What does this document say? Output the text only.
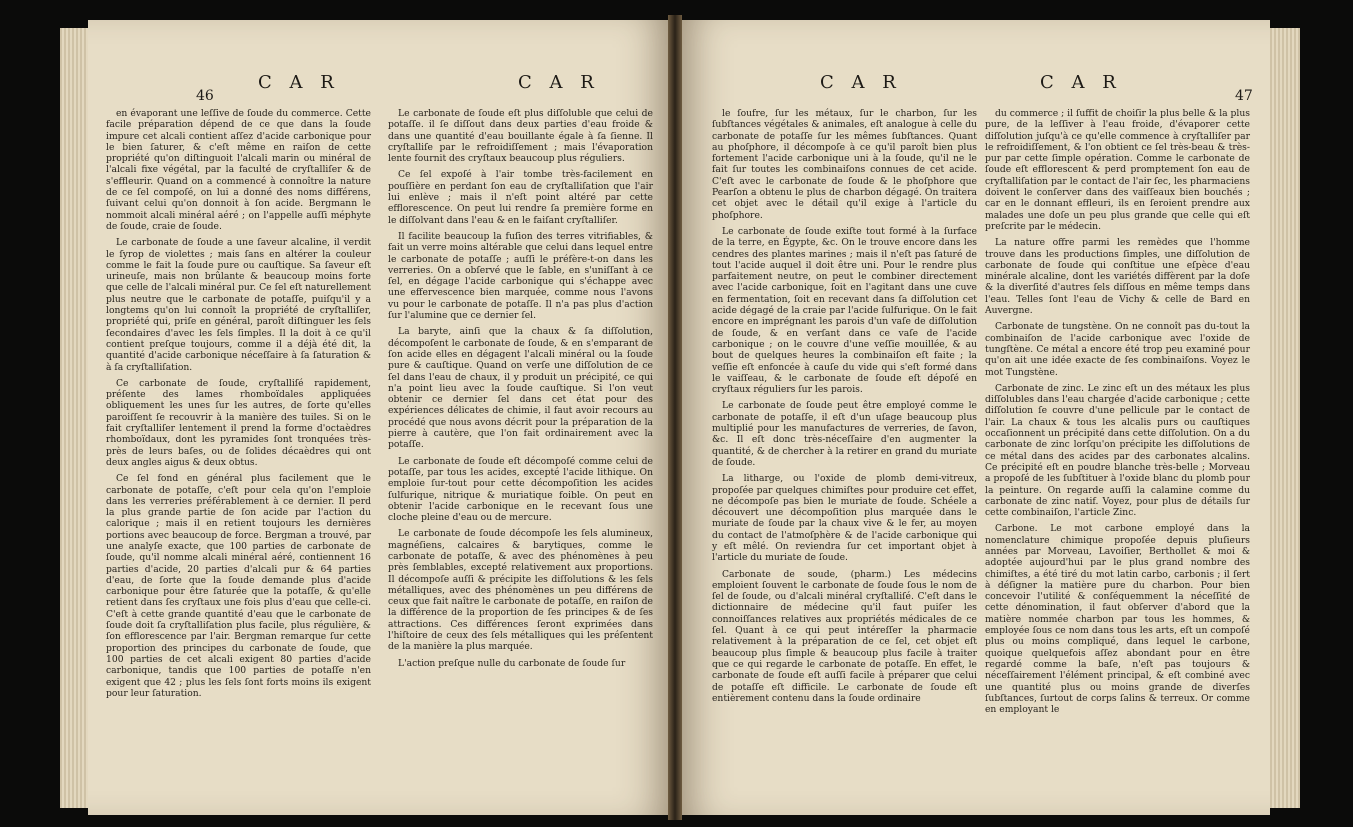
46
C A R	C A R

en évaporant une leſſive de ſoude du commerce. Cette facile préparation dépend de ce que dans la ſoude impure cet alcali contient aſſez d'acide carbonique pour le bien ſaturer, & c'eſt même en raiſon de cette propriété qu'on diſtinguoit l'alcali marin ou minéral de l'alcali fixe végétal, par la faculté de cryſtalliſer & de s'effleurir. Quand on a commencé à connoître la nature de ce ſel compoſé, on lui a donné des noms différens, ſuivant celui qu'on donnoit à ſon acide. Bergmann le nommoit alcali minéral aéré ; on l'appelle auſſi méphyte de ſoude, craie de ſoude.

Le carbonate de ſoude a une ſaveur alcaline, il verdit le ſyrop de violettes ; mais ſans en altérer la couleur comme le fait la ſoude pure ou cauſtique. Sa ſaveur eſt urineuſe, mais non brûlante & beaucoup moins forte que celle de l'alcali minéral pur. Ce ſel eſt naturellement plus neutre que le carbonate de potaſſe, puiſqu'il y a longtems qu'on lui connoît la propriété de cryſtalliſer, propriété qui, priſe en général, paroît diſtinguer les ſels ſecondaires d'avec les ſels ſimples. Il la doit à ce qu'il contient preſque toujours, comme il a déjà été dit, la quantité d'acide carbonique néceſſaire à ſa ſaturation & à ſa cryſtalliſation.

Ce carbonate de ſoude, cryſtalliſé rapidement, préſente des lames rhomboïdales appliquées obliquement les unes ſur les autres, de ſorte qu'elles paroiſſent ſe recouvrir à la manière des tuiles. Si on le fait cryſtalliſer lentement il prend la forme d'octaèdres rhomboïdaux, dont les pyramides ſont tronquées très-près de leurs baſes, ou de ſolides décaèdres qui ont deux angles aigus & deux obtus.

Ce ſel fond en général plus facilement que le carbonate de potaſſe, c'eſt pour cela qu'on l'emploie dans les verreries préférablement à ce dernier. Il perd la plus grande partie de ſon acide par l'action du calorique ; mais il en retient toujours les dernières portions avec beaucoup de force. Bergman a trouvé, par une analyſe exacte, que 100 parties de carbonate de ſoude, qu'il nomme alcali minéral aéré, contiennent 16 parties d'acide, 20 parties d'alcali pur & 64 parties d'eau, de ſorte que la ſoude demande plus d'acide carbonique pour être ſaturée que la potaſſe, & qu'elle retient dans ſes cryſtaux une fois plus d'eau que celle-ci. C'eſt à cette grande quantité d'eau que le carbonate de ſoude doit ſa cryſtalliſation plus facile, plus régulière, & ſon efflorescence par l'air. Bergman remarque ſur cette proportion des principes du carbonate de ſoude, que 100 parties de cet alcali exigent 80 parties d'acide carbonique, tandis que 100 parties de potaſſe n'en exigent que 42 ; plus les ſels ſont forts moins ils exigent pour leur ſaturation.

Le carbonate de ſoude eſt plus diſſoluble que celui de potaſſe. il ſe diſſout dans deux parties d'eau froide & dans une quantité d'eau bouillante égale à ſa ſienne. Il cryſtalliſe par le refroidiſſement ; mais l'évaporation lente fournit des cryſtaux beaucoup plus réguliers.

Ce ſel expoſé à l'air tombe très-facilement en pouſſière en perdant ſon eau de cryſtalliſation que l'air lui enlève ; mais il n'eſt point altéré par cette efflorescence. On peut lui rendre ſa première forme en le diſſolvant dans l'eau & en le faiſant cryſtalliſer.

Il facilite beaucoup la fuſion des terres vitrifiables, & fait un verre moins altérable que celui dans lequel entre le carbonate de potaſſe ; auſſi le préfère-t-on dans les verreries. On a obſervé que le ſable, en s'uniſſant à ce ſel, en dégage l'acide carbonique qui s'échappe avec une effervescence bien marquée, comme nous l'avons vu pour le carbonate de potaſſe. Il n'a pas plus d'action ſur l'alumine que ce dernier ſel.

La baryte, ainſi que la chaux & ſa diſſolution, décompoſent le carbonate de ſoude, & en s'emparant de ſon acide elles en dégagent l'alcali minéral ou la ſoude pure & cauſtique. Quand on verſe une diſſolution de ce ſel dans l'eau de chaux, il y produit un précipité, ce qui n'a point lieu avec la ſoude cauſtique. Si l'on veut obtenir ce dernier ſel dans cet état pour des expériences délicates de chimie, il faut avoir recours au procédé que nous avons décrit pour la préparation de la pierre à cautère, que l'on fait ordinairement avec la potaſſe.

Le carbonate de ſoude eſt décompoſé comme celui de potaſſe, par tous les acides, excepté l'acide lithique. On emploie ſur-tout pour cette décompoſition les acides ſulfurique, nitrique & muriatique foible. On peut en obtenir l'acide carbonique en le recevant ſous une cloche pleine d'eau ou de mercure.

Le carbonate de ſoude décompoſe les ſels alumineux, magnéſiens, calcaires & barytiques, comme le carbonate de potaſſe, & avec des phénomènes à peu près ſemblables, excepté relativement aux proportions. Il décompoſe auſſi & précipite les diſſolutions & les ſels métalliques, avec des phénomènes un peu différens de ceux que fait naître le carbonate de potaſſe, en raiſon de la différence de la proportion de ſes principes & de ſes attractions. Ces différences ſeront exprimées dans l'hiſtoire de ceux des ſels métalliques qui les préſentent de la manière la plus marquée.

L'action preſque nulle du carbonate de ſoude ſur

C A R	C A R
47

le ſoufre, ſur les métaux, ſur le charbon, ſur les ſubſtances végétales & animales, eſt analogue à celle du carbonate de potaſſe ſur les mêmes ſubſtances. Quant au phoſphore, il décompoſe à ce qu'il paroît bien plus fortement l'acide carbonique uni à la ſoude, qu'il ne le fait ſur toutes les combinaiſons connues de cet acide. C'eſt avec le carbonate de ſoude & le phoſphore que Pearſon a obtenu le plus de charbon dégagé. On traitera cet objet avec le détail qu'il exige à l'article du phoſphore.

Le carbonate de ſoude exiſte tout formé à la ſurface de la terre, en Égypte, &c. On le trouve encore dans les cendres des plantes marines ; mais il n'eſt pas ſaturé de tout l'acide auquel il doit être uni. Pour le rendre plus parfaitement neutre, on peut le combiner directement avec l'acide carbonique, ſoit en l'agitant dans une cuve en fermentation, ſoit en recevant dans ſa diſſolution cet acide dégagé de la craie par l'acide ſulfurique. On le fait encore en imprégnant les parois d'un vaſe de diſſolution de ſoude, & en verſant dans ce vaſe de l'acide carbonique ; on le couvre d'une veſſie mouillée, & au bout de quelques heures la combinaiſon eſt faite ; la veſſie eſt enfoncée à cauſe du vide qui s'eſt formé dans le vaiſſeau, & le carbonate de ſoude eſt dépoſé en cryſtaux réguliers ſur les parois.

Le carbonate de ſoude peut être employé comme le carbonate de potaſſe, il eſt d'un uſage beaucoup plus multiplié pour les manufactures de verreries, de ſavon, &c. Il eſt donc très-néceſſaire d'en augmenter la quantité, & de chercher à la retirer en grand du muriate de ſoude.

La litharge, ou l'oxide de plomb demi-vitreux, propoſée par quelques chimiſtes pour produire cet effet, ne décompoſe pas bien le muriate de ſoude. Schéele a découvert une décompoſition plus marquée dans le muriate de ſoude par la chaux vive & le fer, au moyen du contact de l'atmoſphère & de l'acide carbonique qui y eſt mêlé. On reviendra ſur cet important objet à l'article du muriate de ſoude.

Carbonate de soude, (pharm.) Les médecins emploient ſouvent le carbonate de ſoude ſous le nom de ſel de ſoude, ou d'alcali minéral cryſtalliſé. C'eſt dans le dictionnaire de médecine qu'il faut puiſer les connoiſſances relatives aux propriétés médicales de ce ſel. Quant à ce qui peut intéreſſer la pharmacie relativement à la préparation de ce ſel, cet objet eſt beaucoup plus ſimple & beaucoup plus facile à traiter que ce qui regarde le carbonate de potaſſe. En effet, le carbonate de ſoude eſt auſſi facile à préparer que celui de potaſſe eſt difficile. Le carbonate de ſoude eſt entièrement contenu dans la ſoude ordinaire

du commerce ; il ſuffit de choiſir la plus belle & la plus pure, de la leſſiver à l'eau froide, d'évaporer cette diſſolution juſqu'à ce qu'elle commence à cryſtalliſer par le refroidiſſement, & l'on obtient ce ſel très-beau & très-pur par cette ſimple opération. Comme le carbonate de ſoude eſt efflorescent & perd promptement ſon eau de cryſtalliſation par le contact de l'air ſec, les pharmaciens doivent le conſerver dans des vaiſſeaux bien bouchés ; car en le donnant effleuri, ils en ſeroient prendre aux malades une doſe un peu plus grande que celle qui eſt preſcrite par le médecin.

La nature offre parmi les remèdes que l'homme trouve dans les productions ſimples, une diſſolution de carbonate de ſoude qui conſtitue une eſpèce d'eau minérale alcaline, dont les variétés diffèrent par la doſe & la diverſité d'autres ſels diſſous en même temps dans l'eau. Telles ſont l'eau de Vichy & celle de Bard en Auvergne.

Carbonate de tungstène. On ne connoît pas du-tout la combinaiſon de l'acide carbonique avec l'oxide de tungſtène. Ce métal a encore été trop peu examiné pour qu'on ait une idée exacte de ſes combinaiſons. Voyez le mot Tungstène.

Carbonate de zinc. Le zinc eſt un des métaux les plus diſſolubles dans l'eau chargée d'acide carbonique ; cette diſſolution ſe couvre d'une pellicule par le contact de l'air. La chaux & tous les alcalis purs ou cauſtiques occaſionnent un précipité dans cette diſſolution. On a du carbonate de zinc lorſqu'on précipite les diſſolutions de ce métal dans des acides par des carbonates alcalins. Ce précipité eſt en poudre blanche très-belle ; Morveau a propoſé de les ſubſtituer à l'oxide blanc du plomb pour la peinture. On regarde auſſi la calamine comme du carbonate de zinc natif. Voyez, pour plus de détails ſur cette combinaiſon, l'article Zinc.

Carbone. Le mot carbone employé dans la nomenclature chimique propoſée depuis pluſieurs années par Morveau, Lavoiſier, Berthollet & moi & adoptée aujourd'hui par le plus grand nombre des chimiſtes, a été tiré du mot latin carbo, carbonis ; il ſert à déſigner la matière pure du charbon. Pour bien concevoir l'utilité & conſéquemment la néceſſité de cette dénomination, il faut obſerver d'abord que la matière nommée charbon par tous les hommes, & employée ſous ce nom dans tous les arts, eſt un compoſé plus ou moins compliqué, dans lequel le carbone, quoique quelquefois aſſez abondant pour en être regardé comme la baſe, n'eſt pas toujours & néceſſairement l'élément principal, & eſt combiné avec une quantité plus ou moins grande de diverſes ſubſtances, ſurtout de corps ſalins & terreux. Or comme en employant le
